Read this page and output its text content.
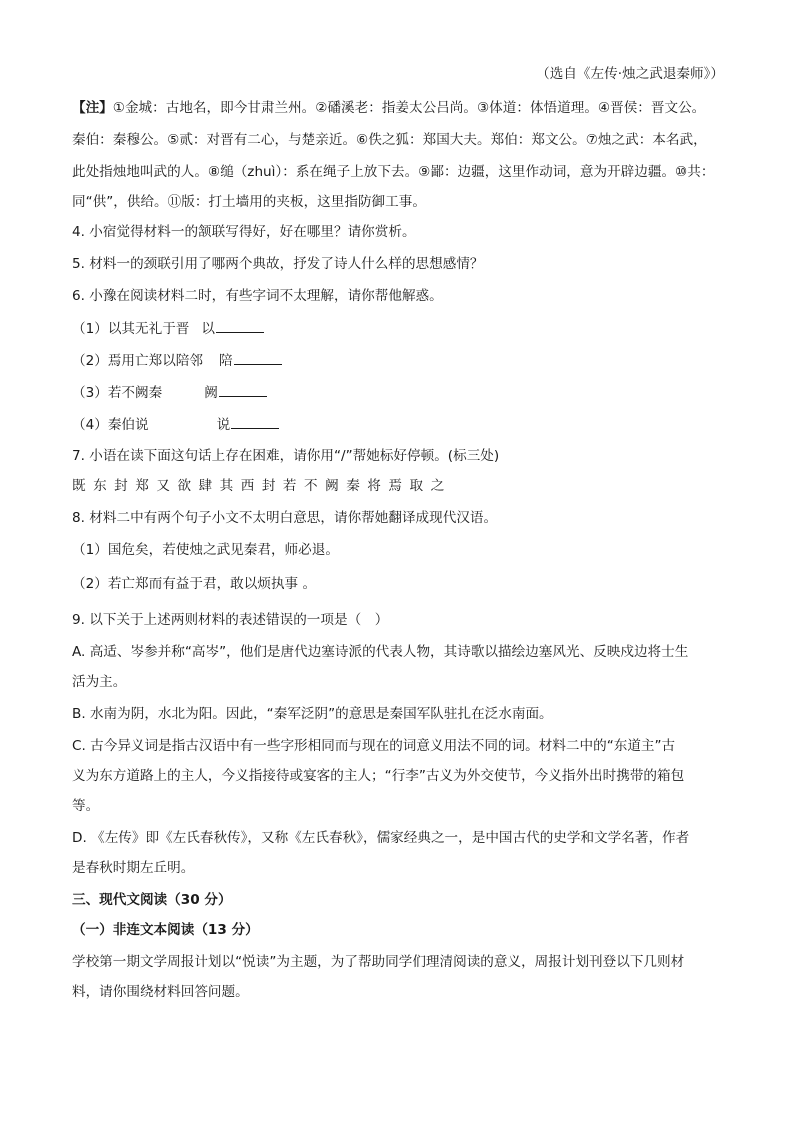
（选自《左传·烛之武退秦师》）
【注】①金城：古地名，即今甘肃兰州。②磻溪老：指姜太公吕尚。③体道：体悟道理。④晋侯：晋文公。
秦伯：秦穆公。⑤贰：对晋有二心，与楚亲近。⑥佚之狐：郑国大夫。郑伯：郑文公。⑦烛之武：本名武，
此处指烛地叫武的人。⑧缒（zhuì）：系在绳子上放下去。⑨鄙：边疆，这里作动词，意为开辟边疆。⑩共：
同“供”，供给。⑪版：打土墙用的夹板，这里指防御工事。
4. 小宿觉得材料一的颔联写得好，好在哪里？请你赏析。
5. 材料一的颈联引用了哪两个典故，抒发了诗人什么样的思想感情？
6. 小豫在阅读材料二时，有些字词不太理解，请你帮他解惑。
（1）以其无礼于晋 以
（2）焉用亡郑以陪邻 陪
（3）若不阙秦	阙
（4）秦伯说	说
7. 小语在读下面这句话上存在困难，请你用“/”帮她标好停顿。(标三处)
既东封郑又欲肆其西封若不阙秦将焉取之
8. 材料二中有两个句子小文不太明白意思，请你帮她翻译成现代汉语。
（1）国危矣，若使烛之武见秦君，师必退。
（2）若亡郑而有益于君，敢以烦执事 。
9. 以下关于上述两则材料的表述错误的一项是（　）
A. 高适、岑参并称“高岑”，他们是唐代边塞诗派的代表人物，其诗歌以描绘边塞风光、反映戍边将士生
活为主。
B. 水南为阴，水北为阳。因此，“秦军泛阴”的意思是秦国军队驻扎在泛水南面。
C. 古今异义词是指古汉语中有一些字形相同而与现在的词意义用法不同的词。材料二中的“东道主”古
义为东方道路上的主人，今义指接待或宴客的主人；“行李”古义为外交使节，今义指外出时携带的箱包
等。
D. 《左传》即《左氏春秋传》，又称《左氏春秋》，儒家经典之一，是中国古代的史学和文学名著，作者
是春秋时期左丘明。
三、现代文阅读（30 分）
（一）非连文本阅读（13 分）
学校第一期文学周报计划以“悦读”为主题，为了帮助同学们理清阅读的意义，周报计划刊登以下几则材
料，请你围绕材料回答问题。
